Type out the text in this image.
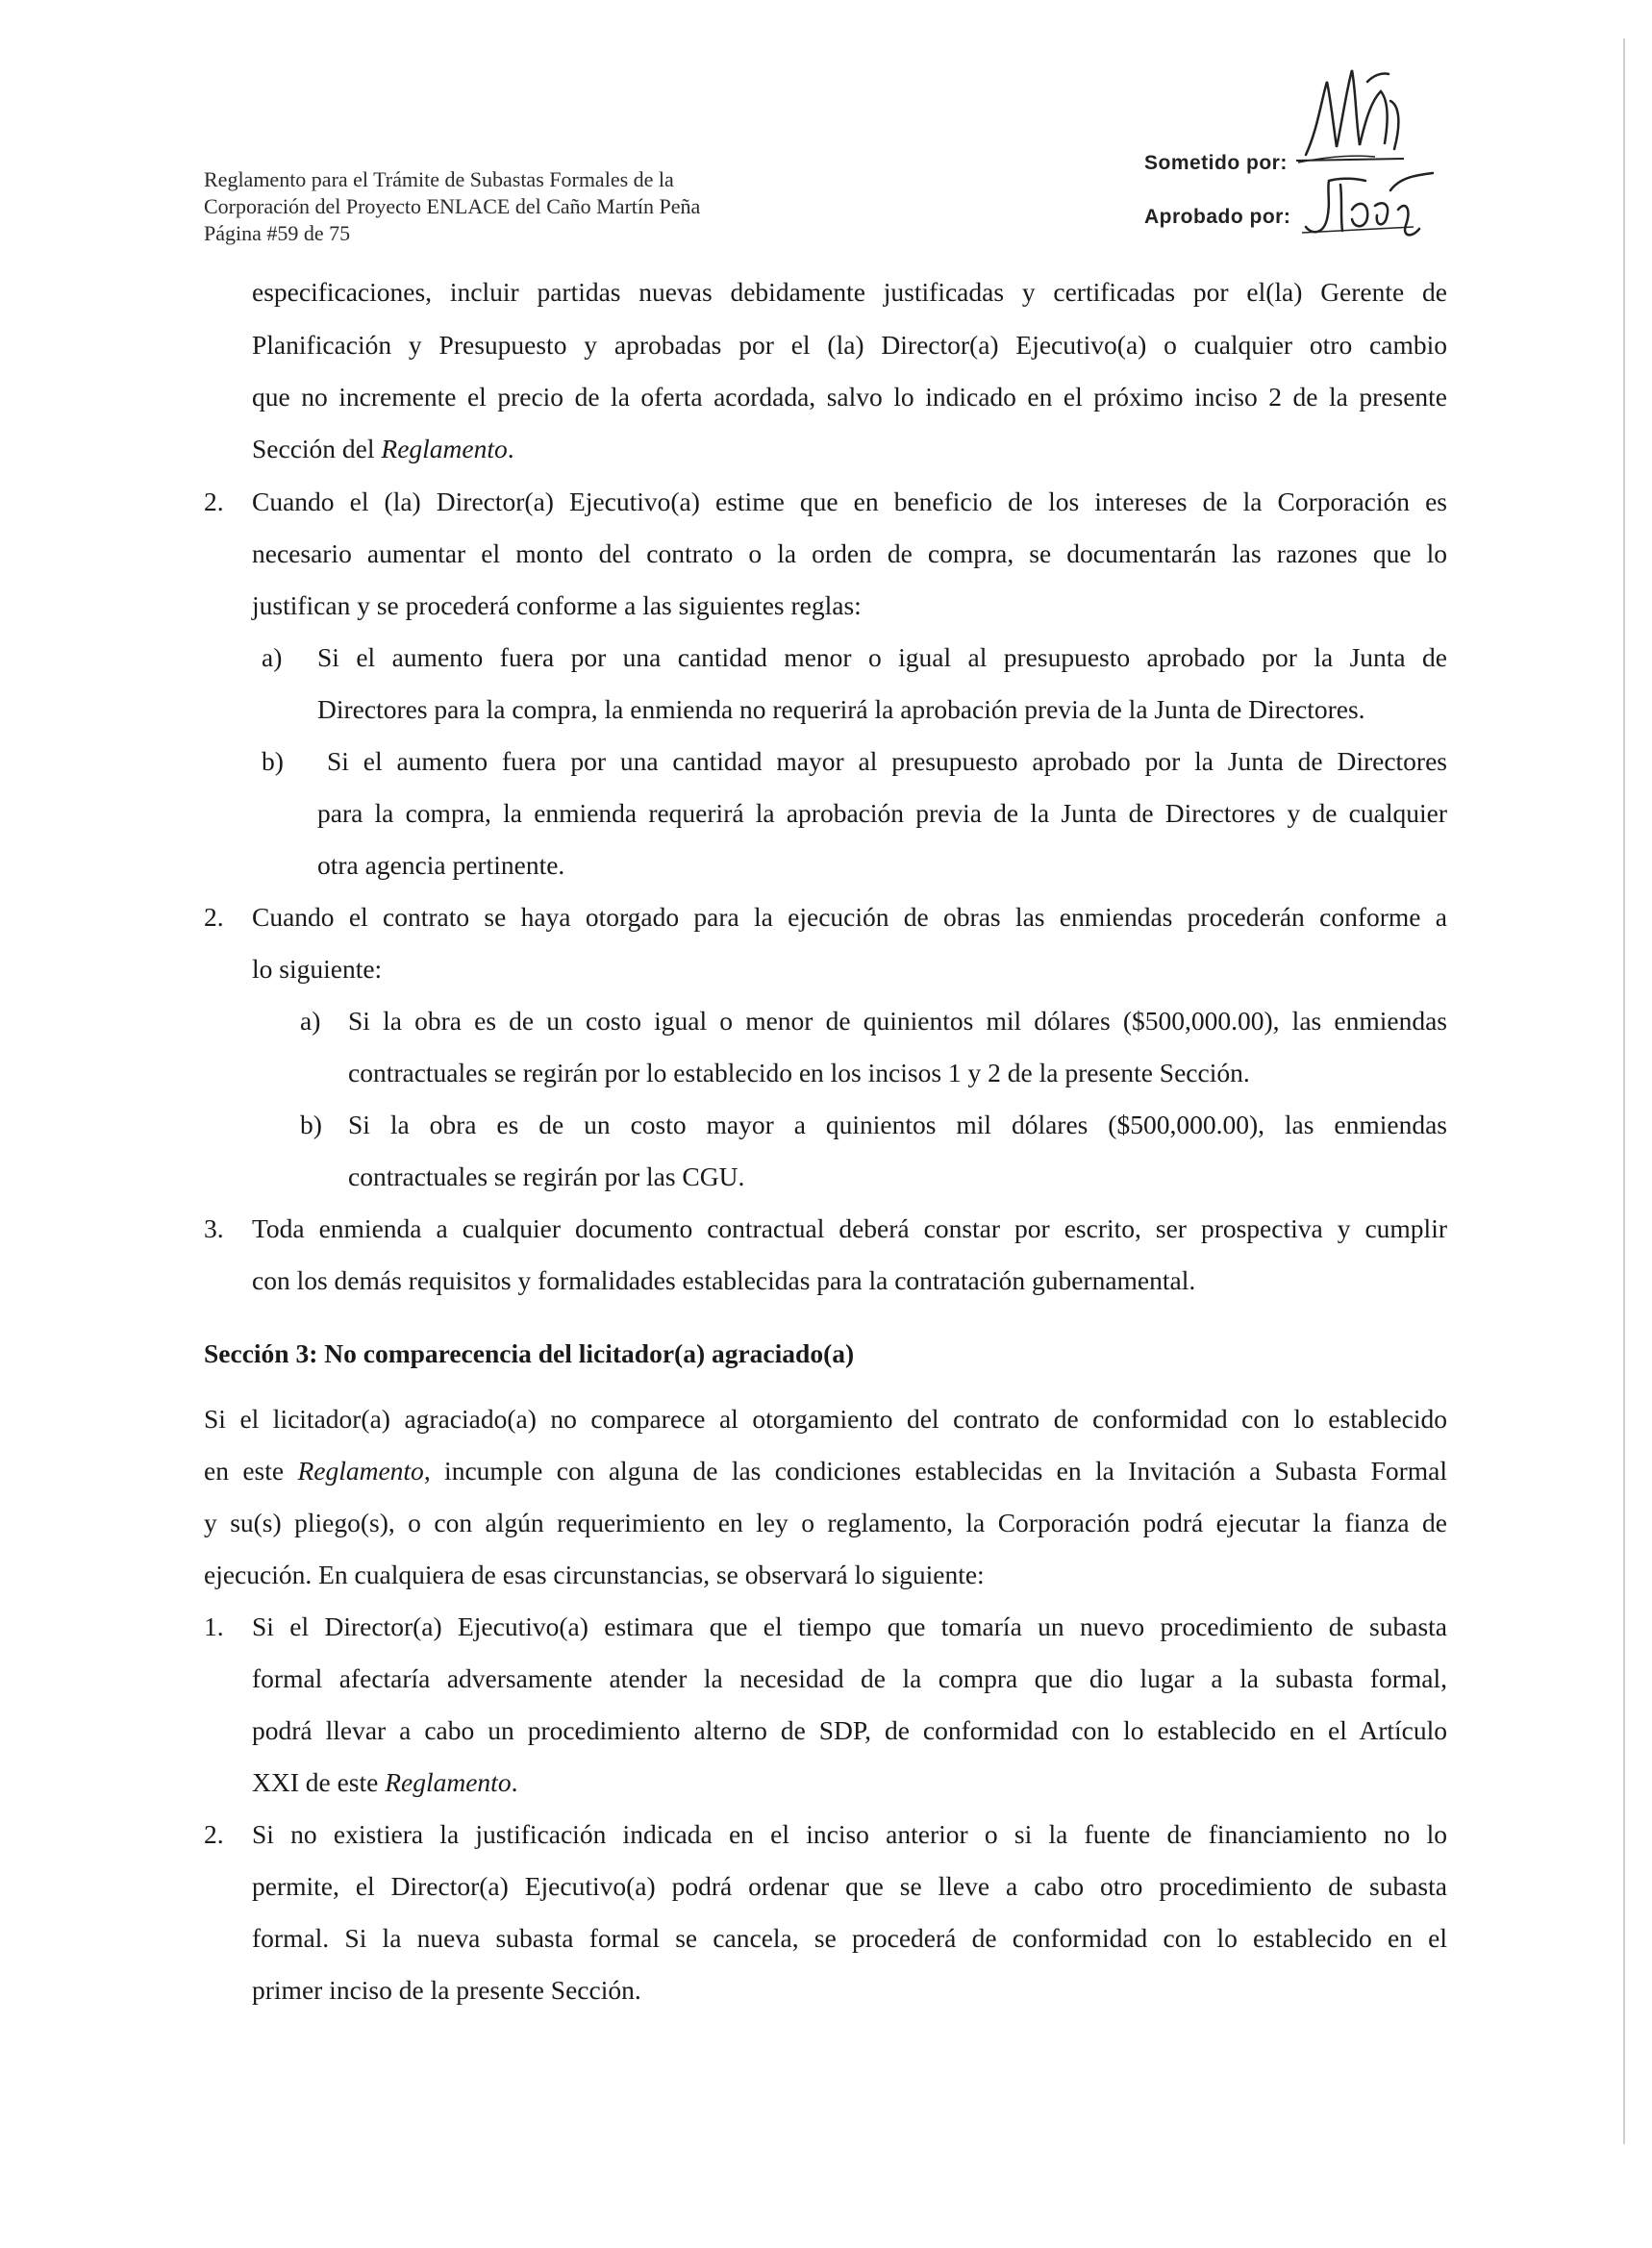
Reglamento para el Trámite de Subastas Formales de la
Corporación del Proyecto ENLACE del Caño Martín Peña
Página #59 de 75
Sometido por:
Aprobado por:
especificaciones, incluir partidas nuevas debidamente justificadas y certificadas por el(la) Gerente de
Planificación y Presupuesto y aprobadas por el (la) Director(a) Ejecutivo(a) o cualquier otro cambio
que no incremente el precio de la oferta acordada, salvo lo indicado en el próximo inciso 2 de la presente
Sección del Reglamento.
2. Cuando el (la) Director(a) Ejecutivo(a) estime que en beneficio de los intereses de la Corporación es
necesario aumentar el monto del contrato o la orden de compra, se documentarán las razones que lo
justifican y se procederá conforme a las siguientes reglas:
a) Si el aumento fuera por una cantidad menor o igual al presupuesto aprobado por la Junta de
Directores para la compra, la enmienda no requerirá la aprobación previa de la Junta de Directores.
b) Si el aumento fuera por una cantidad mayor al presupuesto aprobado por la Junta de Directores
para la compra, la enmienda requerirá la aprobación previa de la Junta de Directores y de cualquier
otra agencia pertinente.
2. Cuando el contrato se haya otorgado para la ejecución de obras las enmiendas procederán conforme a
lo siguiente:
a) Si la obra es de un costo igual o menor de quinientos mil dólares ($500,000.00), las enmiendas
contractuales se regirán por lo establecido en los incisos 1 y 2 de la presente Sección.
b) Si la obra es de un costo mayor a quinientos mil dólares ($500,000.00), las enmiendas
contractuales se regirán por las CGU.
3. Toda enmienda a cualquier documento contractual deberá constar por escrito, ser prospectiva y cumplir
con los demás requisitos y formalidades establecidas para la contratación gubernamental.
Sección 3: No comparecencia del licitador(a) agraciado(a)
Si el licitador(a) agraciado(a) no comparece al otorgamiento del contrato de conformidad con lo establecido
en este Reglamento, incumple con alguna de las condiciones establecidas en la Invitación a Subasta Formal
y su(s) pliego(s), o con algún requerimiento en ley o reglamento, la Corporación podrá ejecutar la fianza de
ejecución. En cualquiera de esas circunstancias, se observará lo siguiente:
1. Si el Director(a) Ejecutivo(a) estimara que el tiempo que tomaría un nuevo procedimiento de subasta
formal afectaría adversamente atender la necesidad de la compra que dio lugar a la subasta formal,
podrá llevar a cabo un procedimiento alterno de SDP, de conformidad con lo establecido en el Artículo
XXI de este Reglamento.
2. Si no existiera la justificación indicada en el inciso anterior o si la fuente de financiamiento no lo
permite, el Director(a) Ejecutivo(a) podrá ordenar que se lleve a cabo otro procedimiento de subasta
formal. Si la nueva subasta formal se cancela, se procederá de conformidad con lo establecido en el
primer inciso de la presente Sección.
